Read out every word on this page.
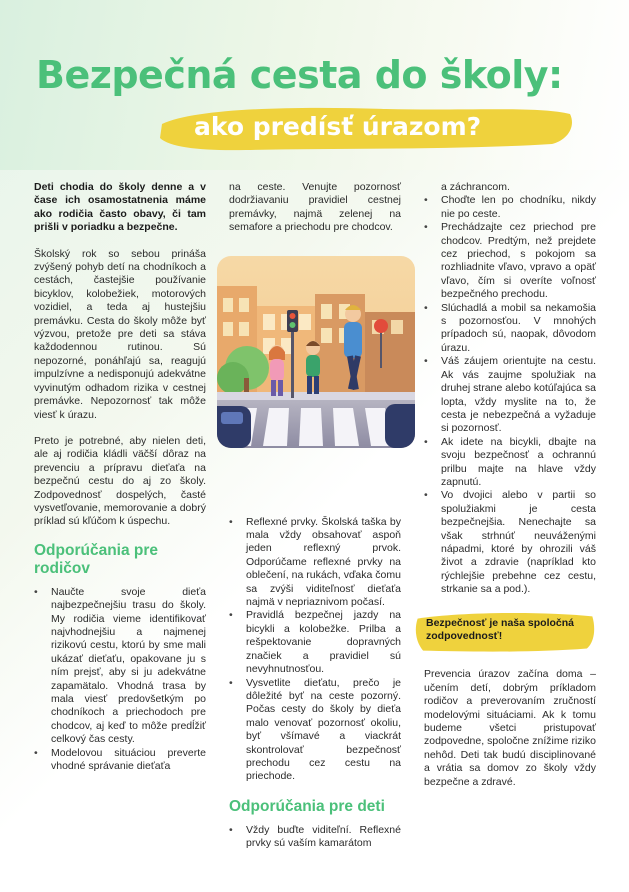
Bezpečná cesta do školy:
ako predísť úrazom?

Deti chodia do školy denne a v čase ich osamostatnenia máme ako rodičia často obavy, či tam prišli v poriadku a bezpečne.

Školský rok so sebou prináša zvýšený pohyb detí na chodníkoch a cestách, častejšie používanie bicyklov, kolobežiek, motorových vozidiel, a teda aj hustejšiu premávku. Cesta do školy môže byť výzvou, pretože pre deti sa stáva každodennou rutinou. Sú nepozorné, ponáhľajú sa, reagujú impulzívne a nedisponujú adekvátne vyvinutým odhadom rizika v cestnej premávke. Nepozornosť tak môže viesť k úrazu.

Preto je potrebné, aby nielen deti, ale aj rodičia kládli väčší dôraz na prevenciu a prípravu dieťaťa na bezpečnú cestu do aj zo školy. Zodpovednosť dospelých, časté vysvetľovanie, memorovanie a dobrý príklad sú kľúčom k úspechu.

Odporúčania pre rodičov
• Naučte svoje dieťa najbezpečnejšiu trasu do školy. My rodičia vieme identifikovať najvhodnejšiu a najmenej rizikovú cestu, ktorú by sme mali ukázať dieťaťu, opakovane ju s ním prejsť, aby si ju adekvátne zapamätalo. Vhodná trasa by mala viesť predovšetkým po chodníkoch a priechodoch pre chodcov, aj keď to môže predĺžiť celkový čas cesty.
• Modelovou situáciou preverte vhodné správanie dieťaťa

na ceste. Venujte pozornosť dodržiavaniu pravidiel cestnej premávky, najmä zelenej na semafore a priechodu pre chodcov.

• Reflexné prvky. Školská taška by mala vždy obsahovať aspoň jeden reflexný prvok. Odporúčame reflexné prvky na oblečení, na rukách, vďaka čomu sa zvýši viditeľnosť dieťaťa najmä v nepriaznivom počasí.
• Pravidlá bezpečnej jazdy na bicykli a kolobežke. Prilba a rešpektovanie dopravných značiek a pravidiel sú nevyhnutnosťou.
• Vysvetlite dieťatu, prečo je dôležité byť na ceste pozorný. Počas cesty do školy by dieťa malo venovať pozornosť okoliu, byť všímavé a viackrát skontrolovať bezpečnosť prechodu cez cestu na priechode.
Odporúčania pre deti
• Vždy buďte viditeľní. Reflexné prvky sú vaším kamarátom

a záchrancom.

• Choďte len po chodníku, nikdy nie po ceste.
• Prechádzajte cez priechod pre chodcov. Predtým, než prejdete cez priechod, s pokojom sa rozhliadnite vľavo, vpravo a opäť vľavo, čím si overíte voľnosť bezpečného prechodu.
• Slúchadlá a mobil sa nekamošia s pozornosťou. V mnohých prípadoch sú, naopak, dôvodom úrazu.
• Váš záujem orientujte na cestu. Ak vás zaujme spolužiak na druhej strane alebo kotúľajúca sa lopta, vždy myslite na to, že cesta je nebezpečná a vyžaduje si pozornosť.
• Ak idete na bicykli, dbajte na svoju bezpečnosť a ochrannú prilbu majte na hlave vždy zapnutú.
• Vo dvojici alebo v partii so spolužiakmi je cesta bezpečnejšia. Nenechajte sa však strhnúť neuváženými nápadmi, ktoré by ohrozili váš život a zdravie (napríklad kto rýchlejšie prebehne cez cestu, strkanie sa a pod.).
Bezpečnosť je naša spoločná zodpovednosť!

Prevencia úrazov začína doma – učením detí, dobrým príkladom rodičov a preverovaním zručností modelovými situáciami. Ak k tomu budeme všetci pristupovať zodpovedne, spoločne znížime riziko nehôd. Deti tak budú disciplinované a vrátia sa domov zo školy vždy bezpečne a zdravé.
